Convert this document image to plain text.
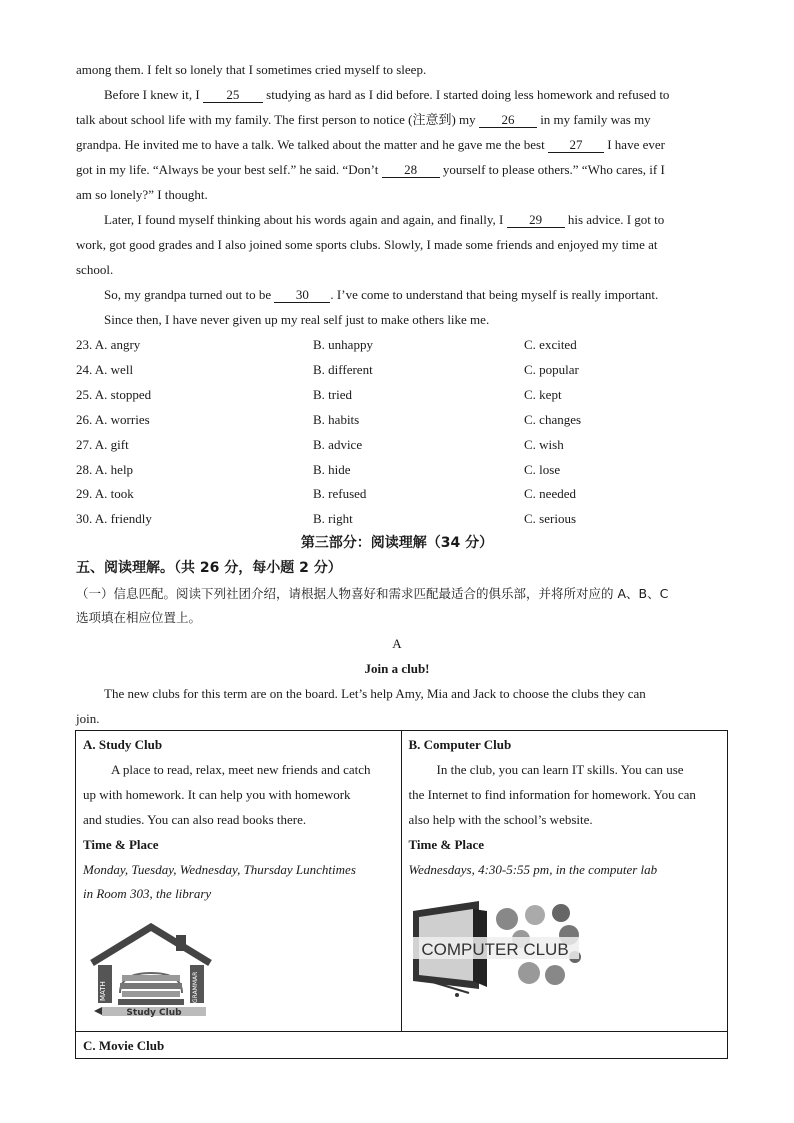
among them. I felt so lonely that I sometimes cried myself to sleep.
Before I knew it, I 25 studying as hard as I did before. I started doing less homework and refused to
talk about school life with my family. The first person to notice (注意到) my 26 in my family was my
grandpa. He invited me to have a talk. We talked about the matter and he gave me the best 27 I have ever
got in my life. “Always be your best self.” he said. “Don’t 28 yourself to please others.” “Who cares, if I
am so lonely?” I thought.
Later, I found myself thinking about his words again and again, and finally, I 29 his advice. I got to
work, got good grades and I also joined some sports clubs. Slowly, I made some friends and enjoyed my time at
school.
So, my grandpa turned out to be 30 . I’ve come to understand that being myself is really important.
Since then, I have never given up my real self just to make others like me.
23. A. angry	B. unhappy	C. excited
24. A. well	B. different	C. popular
25. A. stopped	B. tried	C. kept
26. A. worries	B. habits	C. changes
27. A. gift	B. advice	C. wish
28. A. help	B. hide	C. lose
29. A. took	B. refused	C. needed
30. A. friendly	B. right	C. serious
第三部分：阅读理解（34 分）
五、阅读理解。（共 26 分，每小题 2 分）
（一）信息匹配。阅读下列社团介绍，请根据人物喜好和需求匹配最适合的俱乐部，并将所对应的 A、B、C
选项填在相应位置上。
A
Join a club!
The new clubs for this term are on the board. Let’s help Amy, Mia and Jack to choose the clubs they can
join.

A. Study Club

A place to read, relax, meet new friends and catch

up with homework. It can help you with homework

and studies. You can also read books there.

Time & Place

Monday, Tuesday, Wednesday, Thursday Lunchtimes

in Room 303, the library

MATH	GRAMMAR
Study Club

B. Computer Club

In the club, you can learn IT skills. You can use

the Internet to find information for homework. You can

also help with the school’s website.

Time & Place

Wednesdays, 4:30-5:55 pm, in the computer lab

COMPUTER CLUB

C. Movie Club
